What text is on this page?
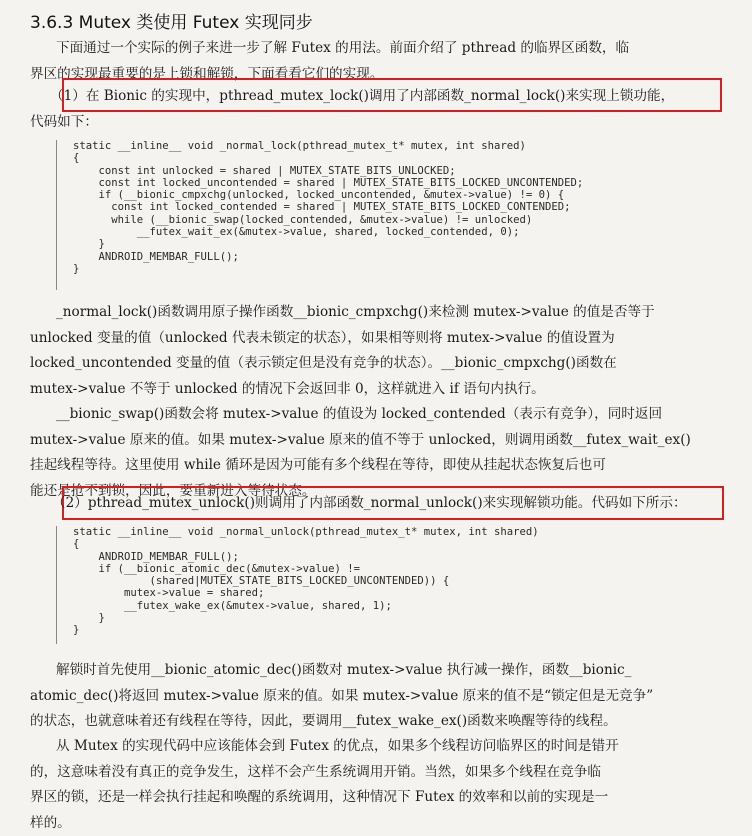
3.6.3 Mutex 类使用 Futex 实现同步
下面通过一个实际的例子来进一步了解 Futex 的用法。前面介绍了 pthread 的临界区函数，临
界区的实现最重要的是上锁和解锁，下面看看它们的实现。
（1）在 Bionic 的实现中，pthread_mutex_lock()调用了内部函数_normal_lock()来实现上锁功能，
代码如下：
static __inline__ void _normal_lock(pthread_mutex_t* mutex, int shared)
{
const int unlocked = shared | MUTEX_STATE_BITS_UNLOCKED;
const int locked_uncontended = shared | MUTEX_STATE_BITS_LOCKED_UNCONTENDED;
if (__bionic_cmpxchg(unlocked, locked_uncontended, &mutex->value) != 0) {
const int locked_contended = shared | MUTEX_STATE_BITS_LOCKED_CONTENDED;
while (__bionic_swap(locked_contended, &mutex->value) != unlocked)
__futex_wait_ex(&mutex->value, shared, locked_contended, 0);
}
ANDROID_MEMBAR_FULL();
}
_normal_lock()函数调用原子操作函数__bionic_cmpxchg()来检测 mutex->value 的值是否等于
unlocked 变量的值（unlocked 代表未锁定的状态），如果相等则将 mutex->value 的值设置为
locked_uncontended 变量的值（表示锁定但是没有竞争的状态）。__bionic_cmpxchg()函数在
mutex->value 不等于 unlocked 的情况下会返回非 0，这样就进入 if 语句内执行。
__bionic_swap()函数会将 mutex->value 的值设为 locked_contended（表示有竞争），同时返回
mutex->value 原来的值。如果 mutex->value 原来的值不等于 unlocked，则调用函数__futex_wait_ex()
挂起线程等待。这里使用 while 循环是因为可能有多个线程在等待，即使从挂起状态恢复后也可
能还是抢不到锁，因此，要重新进入等待状态。
（2）pthread_mutex_unlock()则调用了内部函数_normal_unlock()来实现解锁功能。代码如下所示：
static __inline__ void _normal_unlock(pthread_mutex_t* mutex, int shared)
{
ANDROID_MEMBAR_FULL();
if (__bionic_atomic_dec(&mutex->value) !=
(shared|MUTEX_STATE_BITS_LOCKED_UNCONTENDED)) {
mutex->value = shared;
__futex_wake_ex(&mutex->value, shared, 1);
}
}
解锁时首先使用__bionic_atomic_dec()函数对 mutex->value 执行减一操作，函数__bionic_
atomic_dec()将返回 mutex->value 原来的值。如果 mutex->value 原来的值不是“锁定但是无竞争”
的状态，也就意味着还有线程在等待，因此，要调用__futex_wake_ex()函数来唤醒等待的线程。
从 Mutex 的实现代码中应该能体会到 Futex 的优点，如果多个线程访问临界区的时间是错开
的，这意味着没有真正的竞争发生，这样不会产生系统调用开销。当然，如果多个线程在竞争临
界区的锁，还是一样会执行挂起和唤醒的系统调用，这种情况下 Futex 的效率和以前的实现是一
样的。
